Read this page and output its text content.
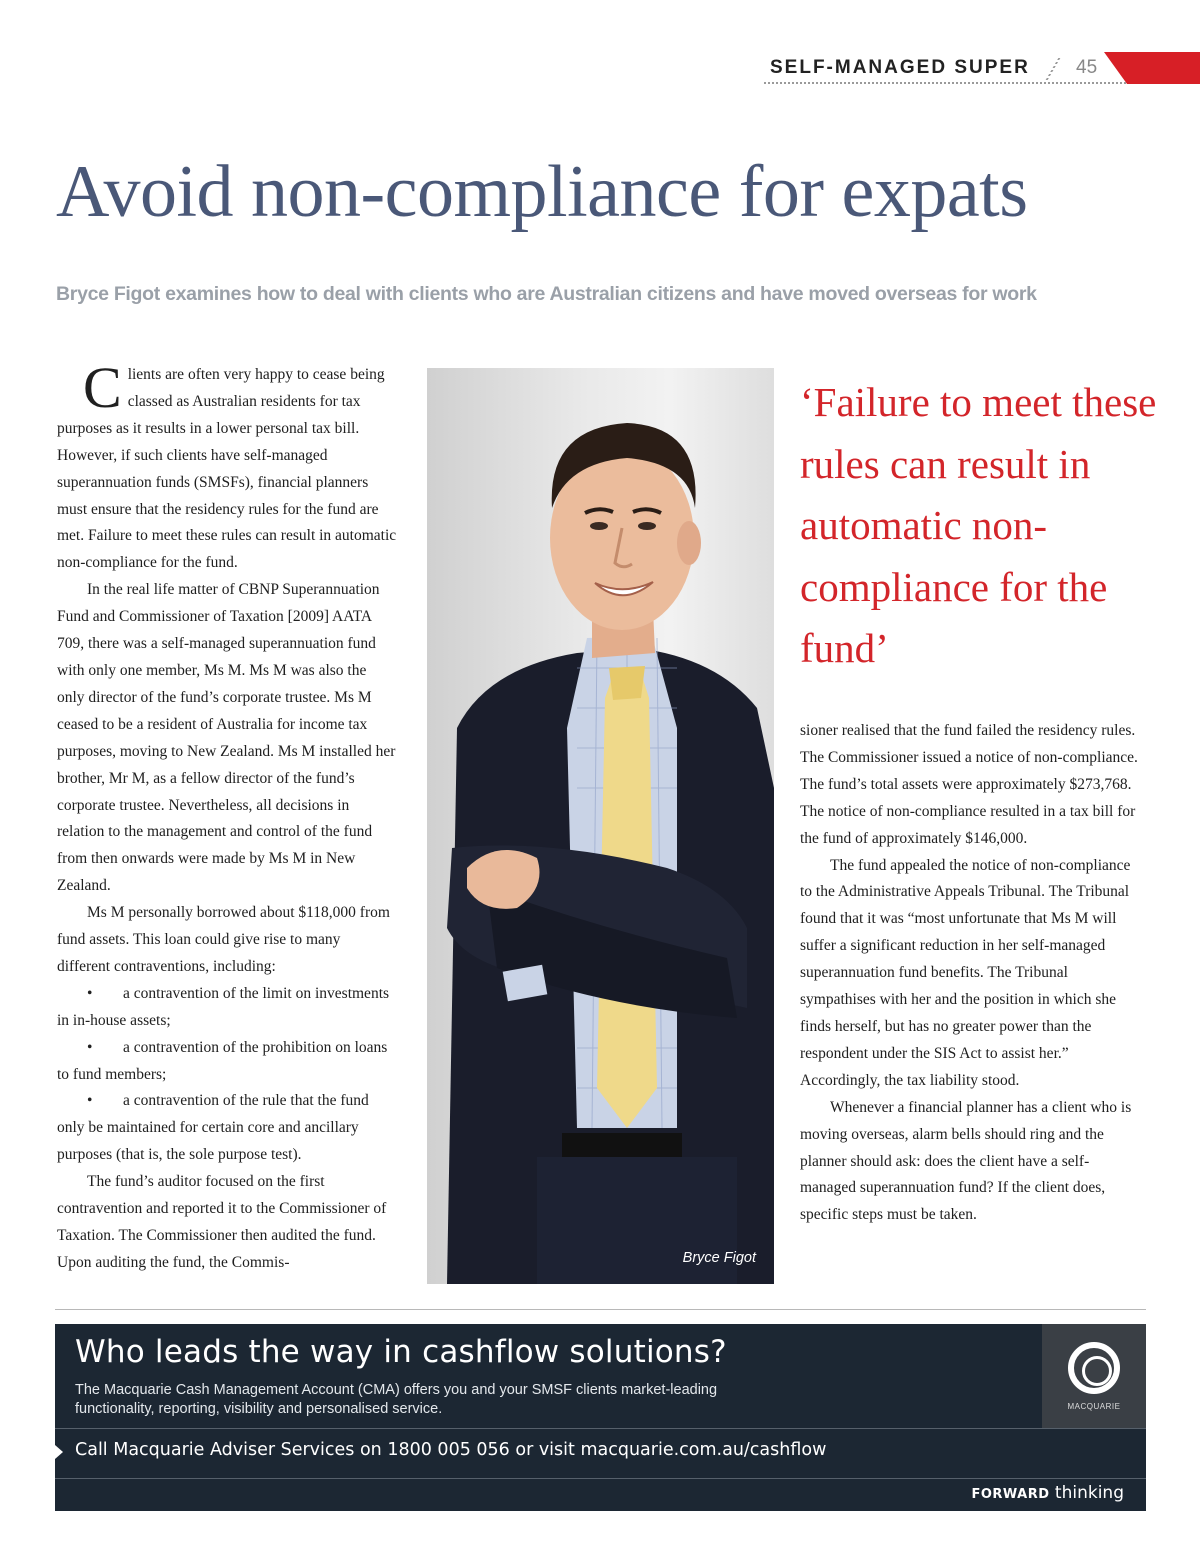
SELF-MANAGED SUPER 45
Avoid non-compliance for expats
Bryce Figot examines how to deal with clients who are Australian citizens and have moved overseas for work

Clients are often very happy to cease being classed as Australian residents for tax purposes as it results in a lower personal tax bill. However, if such clients have self-managed superannuation funds (SMSFs), financial planners must ensure that the residency rules for the fund are met. Failure to meet these rules can result in automatic non-compliance for the fund.

In the real life matter of CBNP Superannuation Fund and Commissioner of Taxation [2009] AATA 709, there was a self-managed superannuation fund with only one member, Ms M. Ms M was also the only director of the fund’s corporate trustee. Ms M ceased to be a resident of Australia for income tax purposes, moving to New Zealand. Ms M installed her brother, Mr M, as a fellow director of the fund’s corporate trustee. Nevertheless, all decisions in relation to the management and control of the fund from then onwards were made by Ms M in New Zealand.

Ms M personally borrowed about $118,000 from fund assets. This loan could give rise to many different contraventions, including:

• a contravention of the limit on investments in in-house assets;

• a contravention of the prohibition on loans to fund members;

• a contravention of the rule that the fund only be maintained for certain core and ancillary purposes (that is, the sole purpose test).

The fund’s auditor focused on the first contravention and reported it to the Commissioner of Taxation. The Commissioner then audited the fund. Upon auditing the fund, the Commis-	Bryce Figot
‘Failure to meet these rules can result in automatic non-compliance for the fund’

sioner realised that the fund failed the residency rules. The Commissioner issued a notice of non-compliance. The fund’s total assets were approximately $273,768. The notice of non-compliance resulted in a tax bill for the fund of approximately $146,000.

The fund appealed the notice of non-compliance to the Administrative Appeals Tribunal. The Tribunal found that it was “most unfortunate that Ms M will suffer a significant reduction in her self-managed superannuation fund benefits. The Tribunal sympathises with her and the position in which she finds herself, but has no greater power than the respondent under the SIS Act to assist her.” Accordingly, the tax liability stood.

Whenever a financial planner has a client who is moving overseas, alarm bells should ring and the planner should ask: does the client have a self-managed superannuation fund? If the client does, specific steps must be taken.

Who leads the way in cashflow solutions?
The Macquarie Cash Management Account (CMA) offers you and your SMSF clients market-leading functionality, reporting, visibility and personalised service.	MACQUARIE
Call Macquarie Adviser Services on 1800 005 056 or visit macquarie.com.au/cashflow
FORWARD thinking
